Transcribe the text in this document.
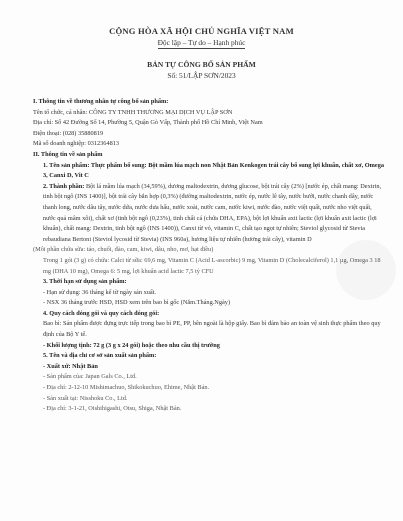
CỘNG HÒA XÃ HỘI CHỦ NGHĨA VIỆT NAM
Độc lập – Tự do – Hạnh phúc
BẢN TỰ CÔNG BỐ SẢN PHẨM
Số: 51/LẬP SƠN/2023
I. Thông tin về thương nhân tự công bố sản phẩm:
Tên tổ chức, cá nhân: CÔNG TY TNHH THƯƠNG MẠI DỊCH VỤ LẬP SƠN
Địa chỉ: Số 42 Đường Số 14, Phường 5, Quận Gò Vấp, Thành phố Hồ Chí Minh, Việt Nam
Điện thoại: (028) 35880819
Mã số doanh nghiệp: 0312364813
II. Thông tin về sản phẩm
1. Tên sản phẩm: Thực phẩm bổ sung: Bột mầm lúa mạch non Nhật Bản Kenkogen trái cây bổ sung lợi khuẩn, chất xơ, Omega 3, Canxi D, Vit C
2. Thành phần: Bột lá mầm lúa mạch (34,59%), dương maltodextrin, dương glucose, bột trái cây (2%) [nước ép, chất mang: Dextrin, tinh bột ngô (INS 1400)], bột trái cây bắn hợp (0,3%) (đường maltodextrin, nước ép, nước lê tây, nước bưởi, nước chanh dây, nước thanh long, nước dâu tây, nước dứa, nước dưa hấu, nước xoài, nước cam, nước kiwi, nước đào, nước việt quất, nước nho việt quất, nước quả mâm xôi), chất xơ (tinh bột ngô (0,23%), tinh chất cá (chứa DHA, EPA), bột lợi khuẩn axit lactic (lợi khuẩn axit lactic (lợi khuẩn), chất mang: Dextrin, tinh bột ngô (INS 1400)), Canxi từ vỏ, vitamin C, chất tạo ngọt tự nhiên; Steviol glycosid từ Stevia rebaudiana Bertoni (Steviol lycosid từ Stevia) (INS 960a), hương liệu tự nhiên (hương trái cây), vitamin D
(Môi phần chứa sữa: táo, chuối, đào, cam, kiwi, dâu, nho, mơ, hạt điều)
Trong 1 gói (3 g) có chứa: Calci từ sữa: 69,6 mg, Vitamin C (Acid L-ascorbic) 9 mg, Vitamin D (Cholecalciferol) 1,1 µg, Omega 3 18 mg (DHA 10 mg), Omega 6: 5 mg, lợi khuẩn acid lactic 7,5 tỷ CFU
3. Thời hạn sử dụng sản phẩm:
- Hạn sử dụng: 36 tháng kể từ ngày sản xuất.
- NSX 36 tháng trước HSD, HSD xem trên bao bì gốc (Năm.Tháng.Ngày)
4. Quy cách đóng gói và quy cách đóng gói:
Bao bì: Sản phẩm được đựng trực tiếp trong bao bì PE, PP, bên ngoài là hộp giấy. Bao bì đảm bảo an toàn vệ sinh thực phẩm theo quy định của Bộ Y tế.
- Khối lượng tịnh: 72 g (3 g x 24 gói) hoặc theo nhu cầu thị trường
5. Tên và địa chỉ cơ sở sản xuất sản phẩm:
- Xuất xứ: Nhật Bản
- Sản phẩm của: Japan Gals Co., Ltd.
- Địa chỉ: 2-12-10 Mishimachuo, Shikokuchuo, Ehime, Nhật Bản.
- Sản xuất tại: Nisshoku Co., Ltd.
- Địa chỉ: 3-1-21, Oishihigashi, Otsu, Shiga, Nhật Bản.
